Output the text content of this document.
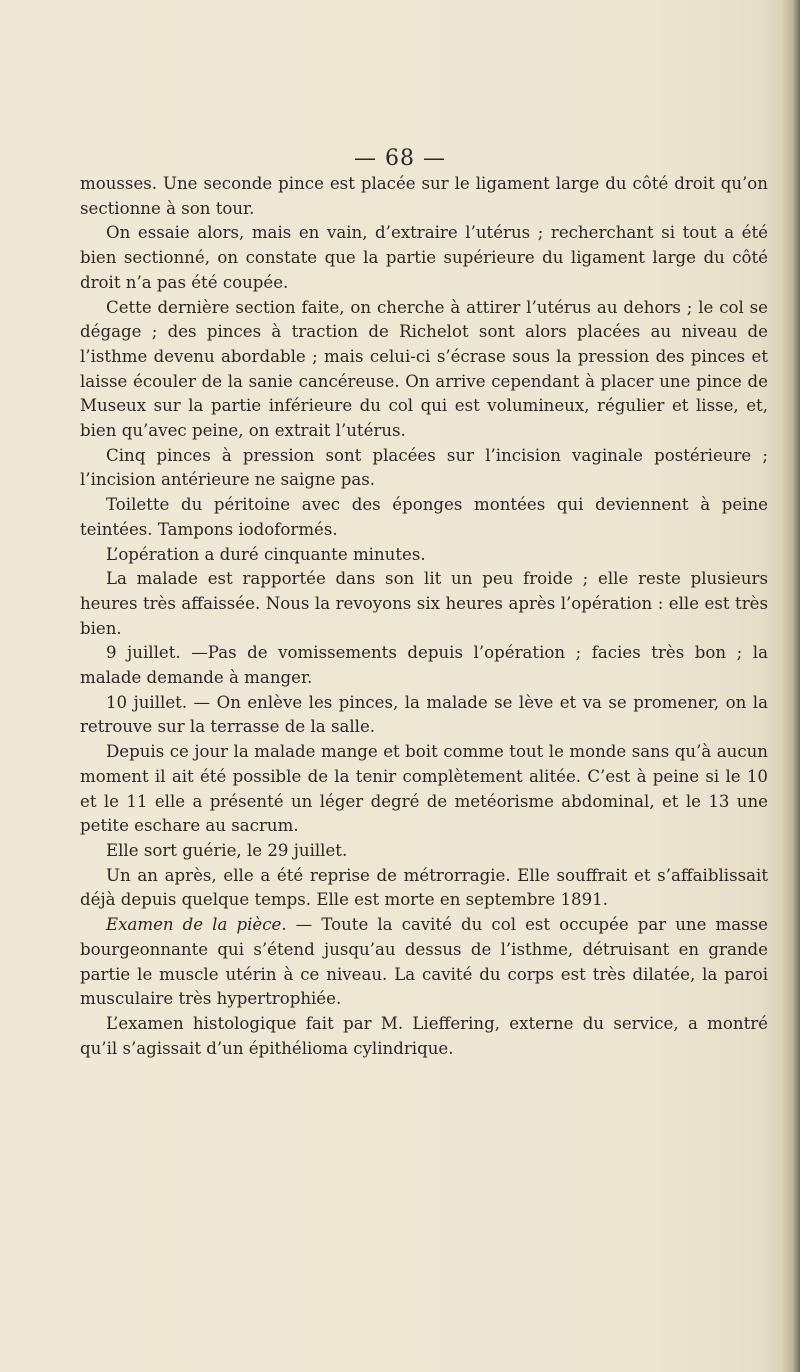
— 68 —

mousses. Une seconde pince est placée sur le ligament large du côté droit qu’on sectionne à son tour.

On essaie alors, mais en vain, d’extraire l’utérus ; recherchant si tout a été bien sectionné, on constate que la partie supérieure du ligament large du côté droit n’a pas été coupée.

Cette dernière section faite, on cherche à attirer l’utérus au dehors ; le col se dégage ; des pinces à traction de Richelot sont alors placées au niveau de l’isthme devenu abordable ; mais celui-ci s’écrase sous la pression des pinces et laisse écouler de la sanie cancéreuse. On arrive cependant à placer une pince de Museux sur la partie inférieure du col qui est volumineux, régulier et lisse, et, bien qu’avec peine, on extrait l’utérus.

Cinq pinces à pression sont placées sur l’incision vaginale postérieure ; l’incision antérieure ne saigne pas.

Toilette du péritoine avec des éponges montées qui deviennent à peine teintées. Tampons iodoformés.

L’opération a duré cinquante minutes.

La malade est rapportée dans son lit un peu froide ; elle reste plusieurs heures très affaissée. Nous la revoyons six heures après l’opération : elle est très bien.

9 juillet. —Pas de vomissements depuis l’opération ; facies très bon ; la malade demande à manger.

10 juillet. — On enlève les pinces, la malade se lève et va se promener, on la retrouve sur la terrasse de la salle.

Depuis ce jour la malade mange et boit comme tout le monde sans qu’à aucun moment il ait été possible de la tenir complètement alitée. C’est à peine si le 10 et le 11 elle a présenté un léger degré de metéorisme abdominal, et le 13 une petite eschare au sacrum.

Elle sort guérie, le 29 juillet.

Un an après, elle a été reprise de métrorragie. Elle souffrait et s’affaiblissait déjà depuis quelque temps. Elle est morte en septembre 1891.

Examen de la pièce. — Toute la cavité du col est occupée par une masse bourgeonnante qui s’étend jusqu’au dessus de l’isthme, détruisant en grande partie le muscle utérin à ce niveau. La cavité du corps est très dilatée, la paroi musculaire très hypertrophiée.

L’examen histologique fait par M. Lieffering, externe du service, a montré qu’il s’agissait d’un épithélioma cylindrique.
